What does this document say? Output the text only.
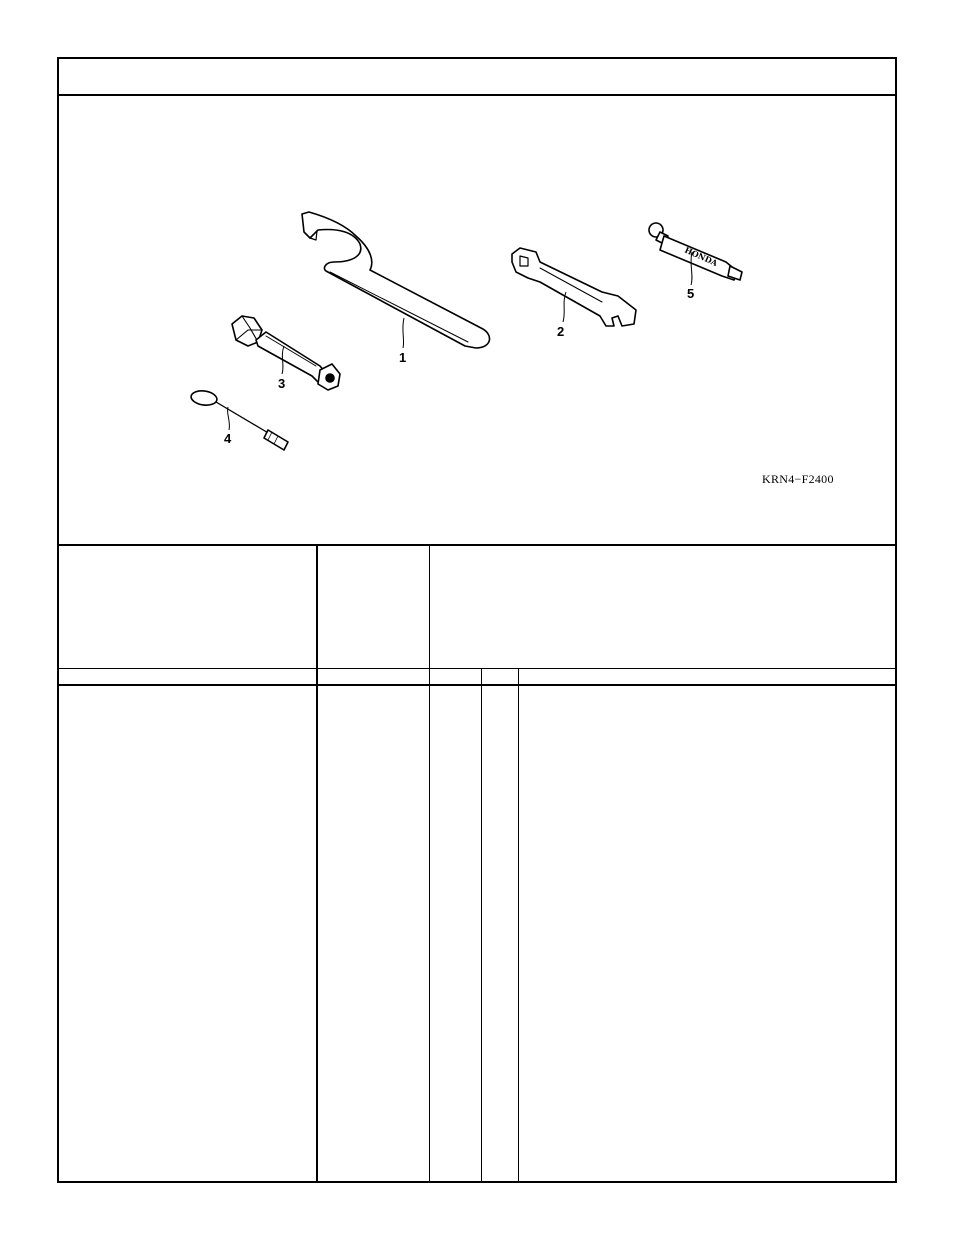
HONDA
1
2
3
4
5
KRN4−F2400
